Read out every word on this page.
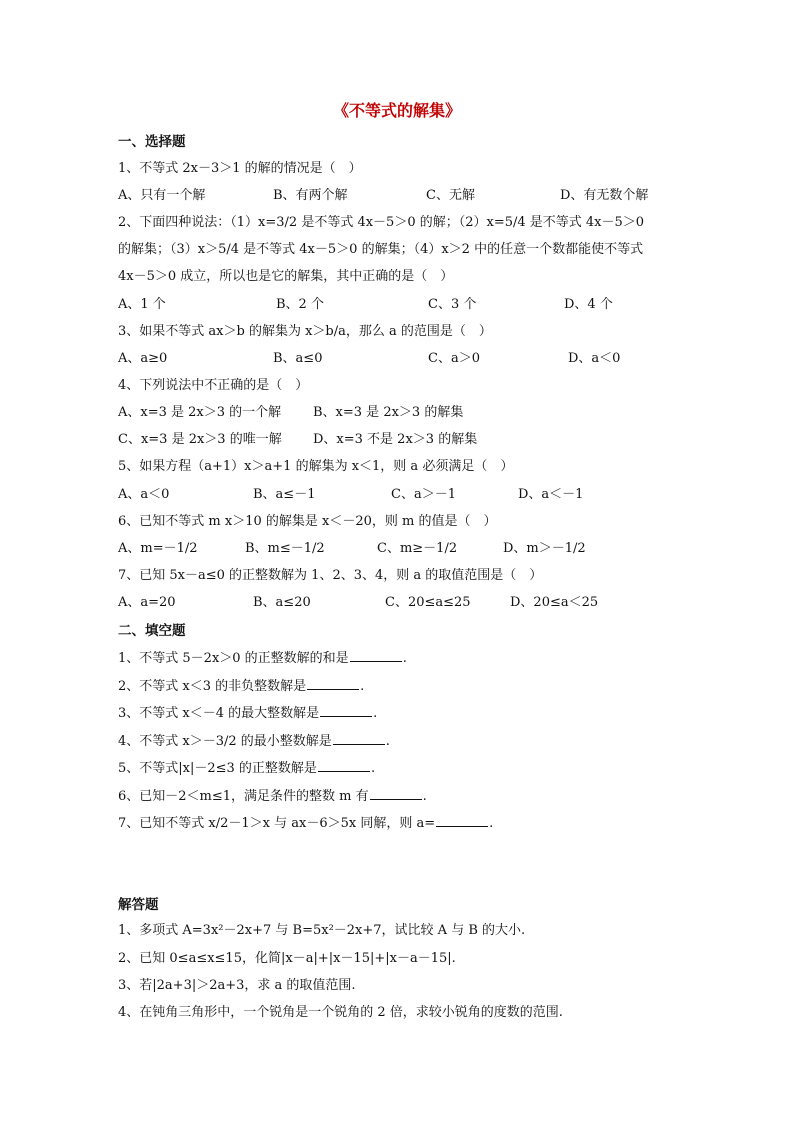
《不等式的解集》
一、选择题
1、不等式 2x－3＞1 的解的情况是（　）
A、只有一个解	B、有两个解	C、无解	D、有无数个解
2、下面四种说法：（1）x=3/2 是不等式 4x－5＞0 的解；（2）x=5/4 是不等式 4x－5＞0
的解集；（3）x＞5/4 是不等式 4x－5＞0 的解集；（4）x＞2 中的任意一个数都能使不等式
4x－5＞0 成立，所以也是它的解集，其中正确的是（　）
A、1 个	B、2 个	C、3 个	D、4 个
3、如果不等式 ax＞b 的解集为 x＞b/a，那么 a 的范围是（　）
A、a≥0	B、a≤0	C、a＞0	D、a＜0
4、下列说法中不正确的是（　）
A、x=3 是 2x＞3 的一个解 B、x=3 是 2x＞3 的解集
C、x=3 是 2x＞3 的唯一解 D、x=3 不是 2x＞3 的解集
5、如果方程（a+1）x＞a+1 的解集为 x＜1，则 a 必须满足（　）
A、a＜0	B、a≤－1	C、a＞－1	D、a＜－1
6、已知不等式 m x＞10 的解集是 x＜－20，则 m 的值是（　）
A、m=－1/2	B、m≤－1/2	C、m≥－1/2	D、m＞－1/2
7、已知 5x－a≤0 的正整数解为 1、2、3、4，则 a 的取值范围是（　）
A、a=20	B、a≤20	C、20≤a≤25	D、20≤a＜25
二、填空题
1、不等式 5－2x＞0 的正整数解的和是	.
2、不等式 x＜3 的非负整数解是	.
3、不等式 x＜－4 的最大整数解是	.
4、不等式 x＞－3/2 的最小整数解是	.
5、不等式|x|－2≤3 的正整数解是	.
6、已知－2＜m≤1，满足条件的整数 m 有	.
7、已知不等式 x/2－1＞x 与 ax－6＞5x 同解，则 a=	.
解答题
1、多项式 A=3x²－2x+7 与 B=5x²－2x+7，试比较 A 与 B 的大小.
2、已知 0≤a≤x≤15，化简|x－a|+|x－15|+|x－a－15|.
3、若|2a+3|＞2a+3，求 a 的取值范围.
4、在钝角三角形中，一个锐角是一个锐角的 2 倍，求较小锐角的度数的范围.
